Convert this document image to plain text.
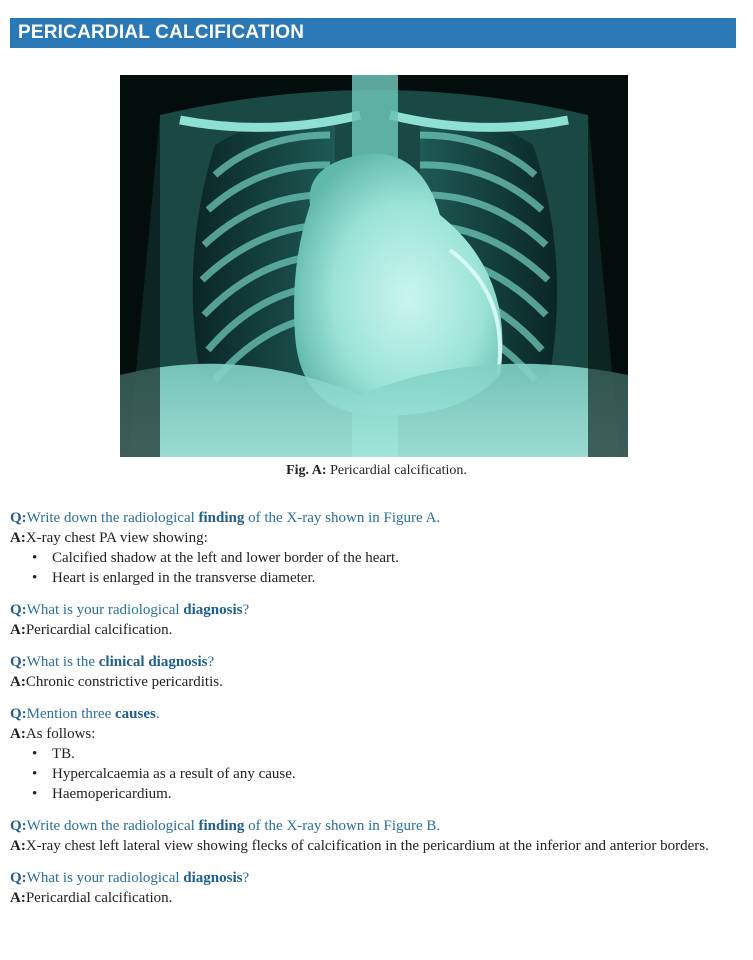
PERICARDIAL CALCIFICATION
Fig. A: Pericardial calcification.
Q:Write down the radiological finding of the X-ray shown in Figure A.
A:X-ray chest PA view showing:
• Calcified shadow at the left and lower border of the heart.
• Heart is enlarged in the transverse diameter.
Q:What is your radiological diagnosis?
A:Pericardial calcification.
Q:What is the clinical diagnosis?
A:Chronic constrictive pericarditis.
Q:Mention three causes.
A:As follows:
• TB.
• Hypercalcaemia as a result of any cause.
• Haemopericardium.
Q:Write down the radiological finding of the X-ray shown in Figure B.
A:X-ray chest left lateral view showing flecks of calcification in the pericardium at the inferior and anterior borders.
Q:What is your radiological diagnosis?
A:Pericardial calcification.
